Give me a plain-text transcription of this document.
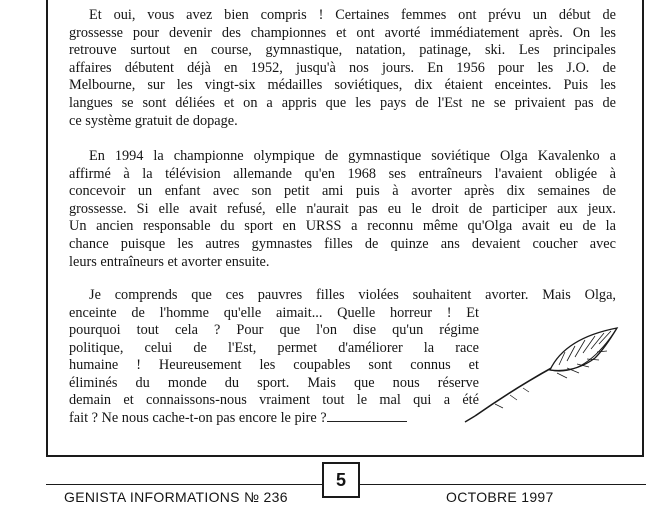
Et oui, vous avez bien compris ! Certaines femmes ont prévu un début de
grossesse pour devenir des championnes et ont avorté immédiatement après. On les
retrouve surtout en course, gymnastique, natation, patinage, ski. Les principales
affaires débutent déjà en 1952, jusqu'à nos jours. En 1956 pour les J.O. de
Melbourne, sur les vingt-six médailles soviétiques, dix étaient enceintes. Puis les
langues se sont déliées et on a appris que les pays de l'Est ne se privaient pas de
ce système gratuit de dopage.
En 1994 la championne olympique de gymnastique soviétique Olga Kavalenko a
affirmé à la télévision allemande qu'en 1968 ses entraîneurs l'avaient obligée à
concevoir un enfant avec son petit ami puis à avorter après dix semaines de
grossesse. Si elle avait refusé, elle n'aurait pas eu le droit de participer aux jeux.
Un ancien responsable du sport en URSS a reconnu même qu'Olga avait eu de la
chance puisque les autres gymnastes filles de quinze ans devaient coucher avec
leurs entraîneurs et avorter ensuite.
Je comprends que ces pauvres filles violées souhaitent avorter. Mais Olga,
enceinte de l'homme qu'elle aimait... Quelle horreur ! Et
pourquoi tout cela ? Pour que l'on dise qu'un régime
politique, celui de l'Est, permet d'améliorer la race
humaine ! Heureusement les coupables sont connus et
éliminés du monde du sport. Mais que nous réserve
demain et connaissons-nous vraiment tout le mal qui a été
fait ? Ne nous cache-t-on pas encore le pire ?
5
GENISTA INFORMATIONS № 236	OCTOBRE 1997
